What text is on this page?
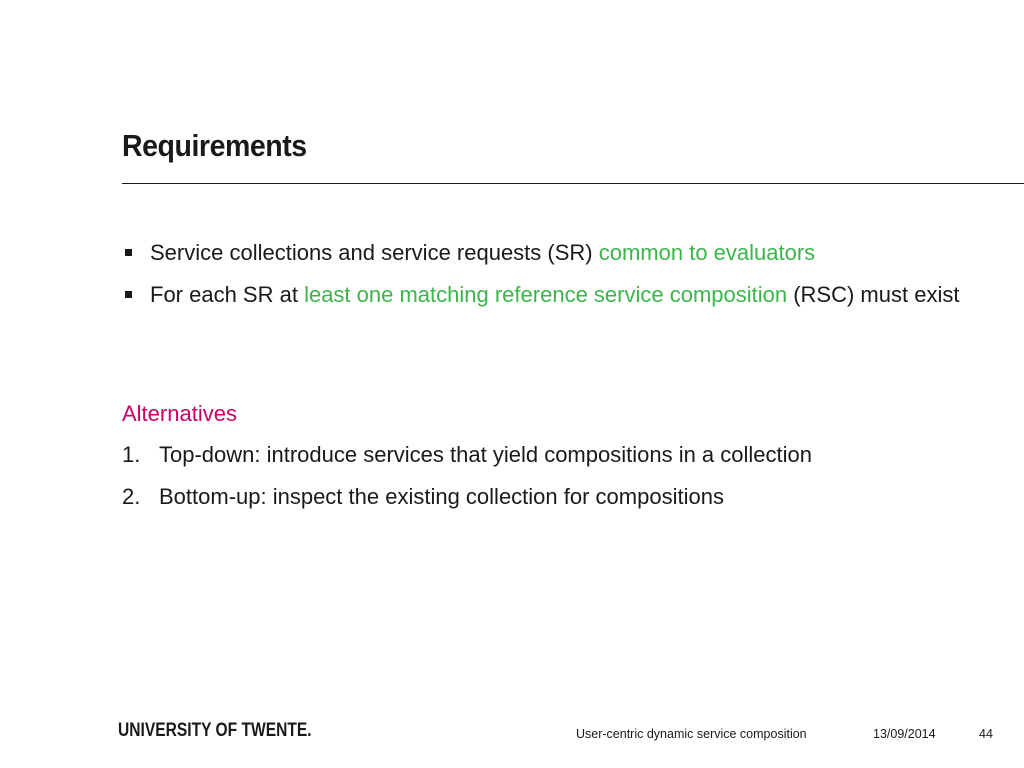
Requirements
Service collections and service requests (SR) common to evaluators
For each SR at least one matching reference service composition (RSC) must exist
Alternatives
1. Top-down: introduce services that yield compositions in a collection
2. Bottom-up: inspect the existing collection for compositions
UNIVERSITY OF TWENTE.	User-centric dynamic service composition	13/09/2014	44
